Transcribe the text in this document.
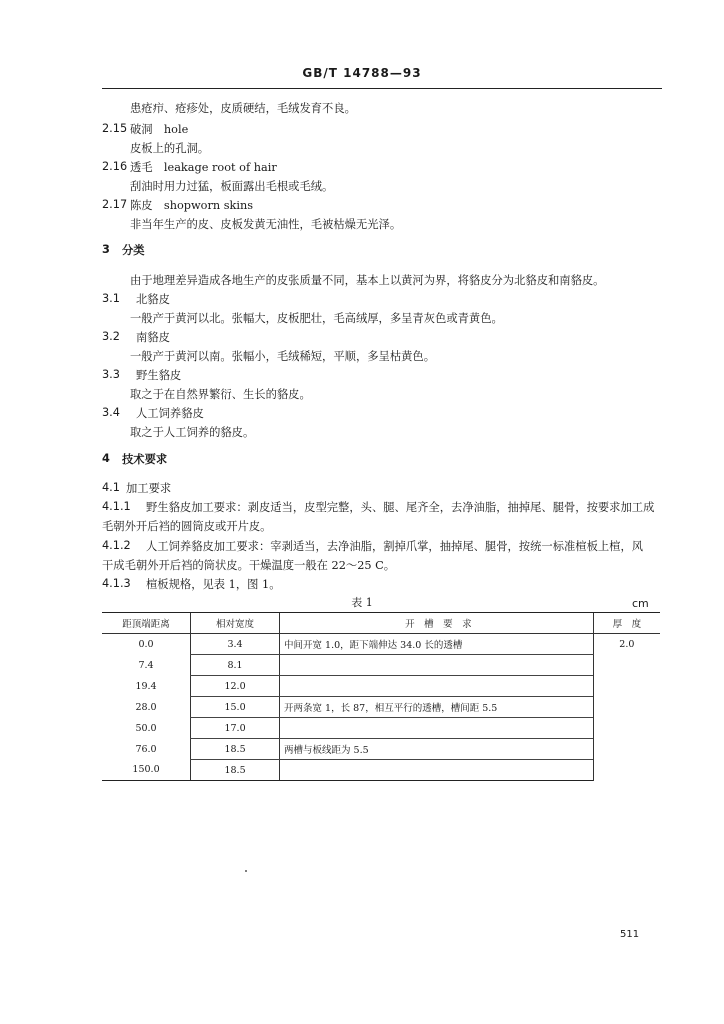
GB/T 14788—93
患疮疖、疮疹处，皮质硬结，毛绒发育不良。
2.15 破洞　hole
皮板上的孔洞。
2.16 透毛　leakage root of hair
刮油时用力过猛，板面露出毛根或毛绒。
2.17 陈皮　shopworn skins
非当年生产的皮、皮板发黄无油性，毛被枯燥无光泽。
3 分类
由于地理差异造成各地生产的皮张质量不同，基本上以黄河为界，将貉皮分为北貉皮和南貉皮。
3.1 北貉皮
一般产于黄河以北。张幅大，皮板肥壮，毛高绒厚，多呈青灰色或青黄色。
3.2 南貉皮
一般产于黄河以南。张幅小，毛绒稀短，平顺，多呈枯黄色。
3.3 野生貉皮
取之于在自然界繁衍、生长的貉皮。
3.4 人工饲养貉皮
取之于人工饲养的貉皮。
4 技术要求
4.1 加工要求
4.1.1 野生貉皮加工要求：剥皮适当，皮型完整，头、腿、尾齐全，去净油脂，抽掉尾、腿骨，按要求加工成
毛朝外开后裆的圆筒皮或开片皮。
4.1.2 人工饲养貉皮加工要求：宰剥适当，去净油脂，割掉爪掌，抽掉尾、腿骨，按统一标准楦板上楦，风
干成毛朝外开后裆的筒状皮。干燥温度一般在 22～25 C。
4.1.3 楦板规格，见表 1，图 1。
表 1	cm
距顶端距离	相对宽度	开　槽　要　求	厚　度
0.0	3.4	中间开宽 1.0，距下端伸达 34.0 长的透槽	2.0

7.4	8.1		
19.4	12.0		
28.0	15.0	开两条宽 1，长 87，相互平行的透槽，槽间距 5.5	
50.0	17.0		
76.0	18.5	两槽与板线距为 5.5	
150.0	18.5		
511
